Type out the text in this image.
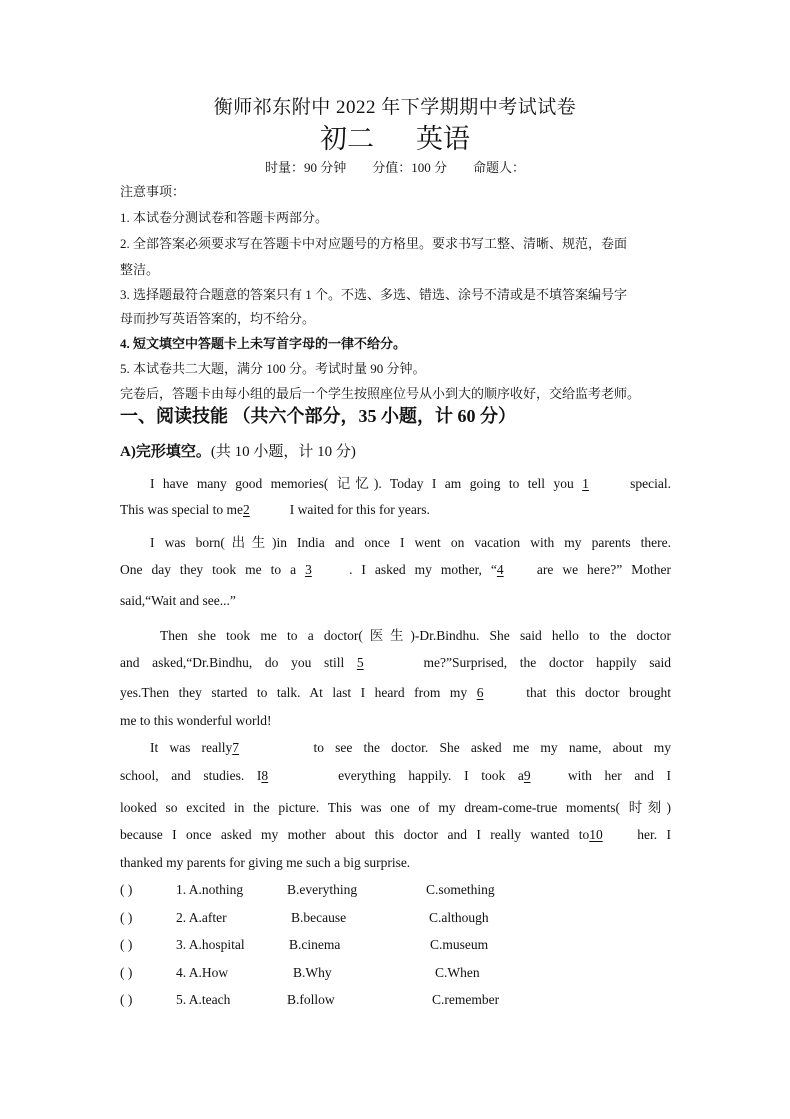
衡师祁东附中 2022 年下学期期中考试试卷
初二 英语
时量：90 分钟 分值：100 分 命题人：
注意事项：
1. 本试卷分测试卷和答题卡两部分。
2. 全部答案必须要求写在答题卡中对应题号的方格里。要求书写工整、清晰、规范，卷面
整洁。
3. 选择题最符合题意的答案只有 1 个。不选、多选、错选、涂号不清或是不填答案编号字
母而抄写英语答案的，均不给分。
4. 短文填空中答题卡上未写首字母的一律不给分。
5. 本试卷共二大题，满分 100 分。考试时量 90 分钟。
完卷后，答题卡由每小组的最后一个学生按照座位号从小到大的顺序收好，交给监考老师。
一、阅读技能 （共六个部分，35 小题，计 60 分）
A)完形填空。(共 10 小题，计 10 分)
I have many good memories( 记忆). Today I am going to tell you 1	special.
This was special to me2	I waited for this for years.
I was born(出生)in India and once I went on vacation with my parents there.
One day they took me to a 3	. I asked my mother, “4 are we here?” Mother
said,“Wait and see...”
Then she took me to a doctor(医生)-Dr.Bindhu. She said hello to the doctor
and asked,“Dr.Bindhu, do you still 5	me?”Surprised, the doctor happily said
yes.Then they started to talk. At last I heard from my 6	that this doctor brought
me to this wonderful world!
It was really7	to see the doctor. She asked me my name, about my
school, and studies. I8	everything happily. I took a9	with her and I
looked so excited in the picture. This was one of my dream-come-true moments( 时刻)
because I once asked my mother about this doctor and I really wanted to10	her. I
thanked my parents for giving me such a big surprise.
( )	1. A.nothing	B.everything	C.something
( )	2. A.after	B.because	C.although
( )	3. A.hospital	B.cinema	C.museum
( )	4. A.How	B.Why	C.When
( )	5. A.teach	B.follow	C.remember
